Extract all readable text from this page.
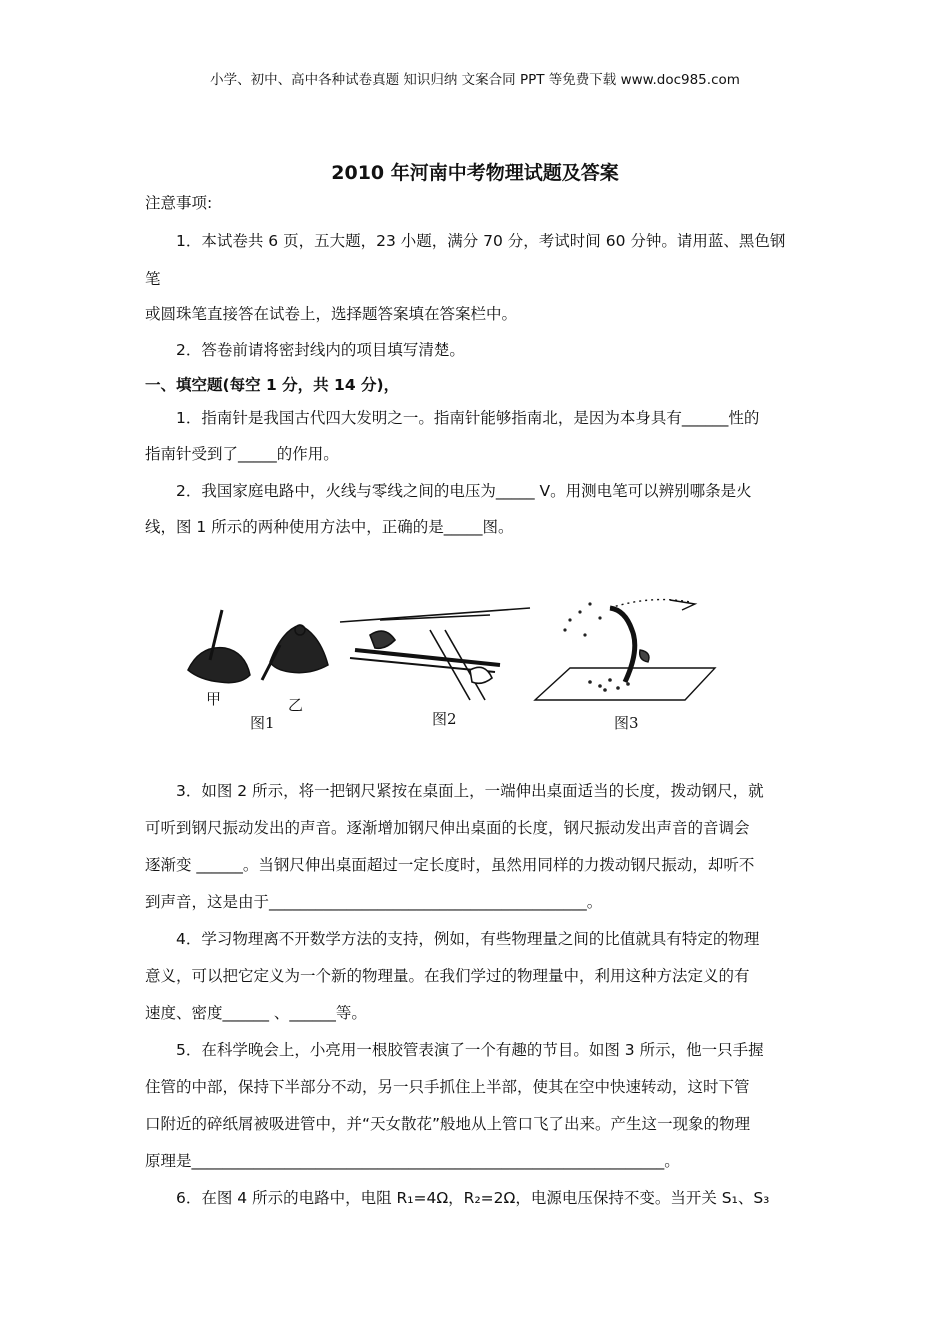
小学、初中、高中各种试卷真题 知识归纳 文案合同 PPT 等免费下载 www.doc985.com
2010 年河南中考物理试题及答案
注意事项:
1．本试卷共 6 页，五大题，23 小题，满分 70 分，考试时间 60 分钟。请用蓝、黑色钢
笔
或圆珠笔直接答在试卷上，选择题答案填在答案栏中。
2．答卷前请将密封线内的项目填写清楚。
一、填空题(每空 1 分，共 14 分)，
1．指南针是我国古代四大发明之一。指南针能够指南北，是因为本身具有______性的
指南针受到了_____的作用。
2．我国家庭电路中，火线与零线之间的电压为_____ V。用测电笔可以辨别哪条是火
线，图 1 所示的两种使用方法中，正确的是_____图。
甲	乙
图1	图2	图3
3．如图 2 所示，将一把钢尺紧按在桌面上，一端伸出桌面适当的长度，拨动钢尺，就
可听到钢尺振动发出的声音。逐渐增加钢尺伸出桌面的长度，钢尺振动发出声音的音调会
逐渐变 ______。当钢尺伸出桌面超过一定长度时，虽然用同样的力拨动钢尺振动，却听不
到声音，这是由于_________________________________________。
4．学习物理离不开数学方法的支持，例如，有些物理量之间的比值就具有特定的物理
意义，可以把它定义为一个新的物理量。在我们学过的物理量中，利用这种方法定义的有
速度、密度______ 、______等。
5．在科学晚会上，小亮用一根胶管表演了一个有趣的节目。如图 3 所示，他一只手握
住管的中部，保持下半部分不动，另一只手抓住上半部，使其在空中快速转动，这时下管
口附近的碎纸屑被吸进管中，并“天女散花”般地从上管口飞了出来。产生这一现象的物理
原理是_____________________________________________________________。
6．在图 4 所示的电路中，电阻 R₁=4Ω，R₂=2Ω，电源电压保持不变。当开关 S₁、S₃
